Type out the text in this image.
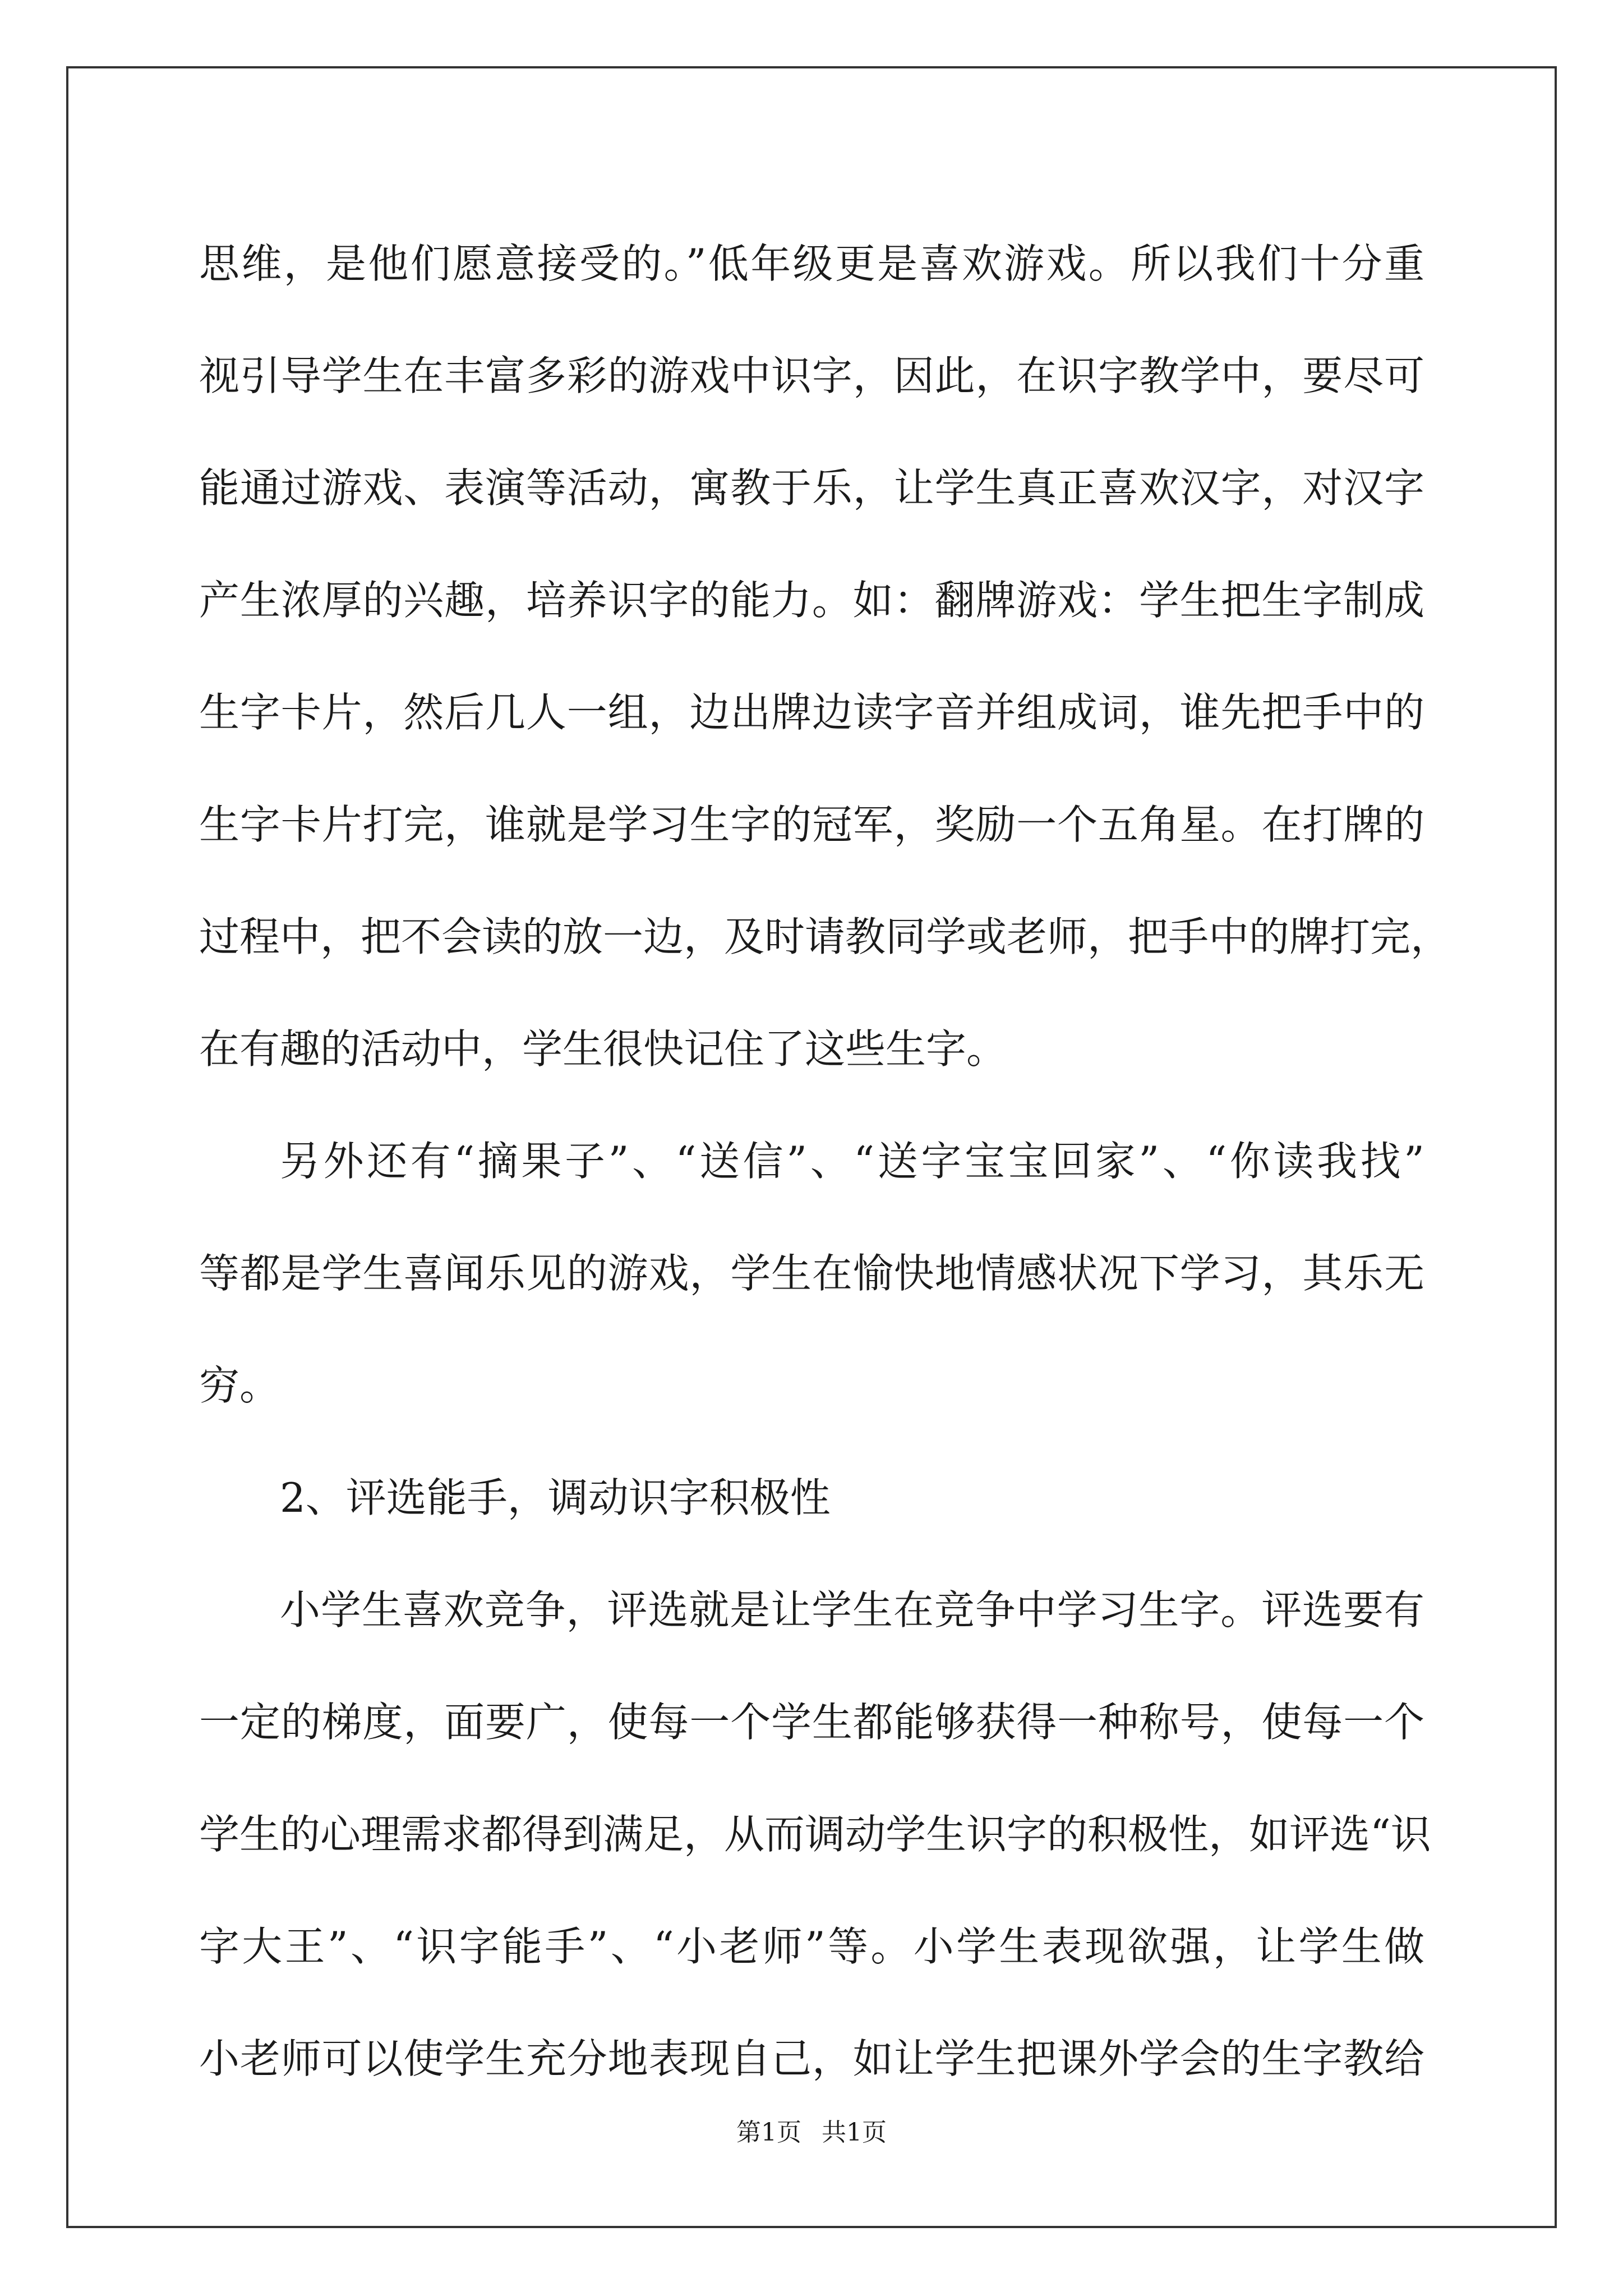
思维，是他们愿意接受的。”低年级更是喜欢游戏。所以我们十分重
视引导学生在丰富多彩的游戏中识字，因此，在识字教学中，要尽可
能通过游戏、表演等活动，寓教于乐，让学生真正喜欢汉字，对汉字
产生浓厚的兴趣，培养识字的能力。如：翻牌游戏：学生把生字制成
生字卡片，然后几人一组，边出牌边读字音并组成词，谁先把手中的
生字卡片打完，谁就是学习生字的冠军，奖励一个五角星。在打牌的
过程中，把不会读的放一边，及时请教同学或老师，把手中的牌打完，
在有趣的活动中，学生很快记住了这些生字。
另外还有“摘果子”、“送信”、“送字宝宝回家”、“你读我找”
等都是学生喜闻乐见的游戏，学生在愉快地情感状况下学习，其乐无
穷。
2、评选能手，调动识字积极性
小学生喜欢竞争，评选就是让学生在竞争中学习生字。评选要有
一定的梯度，面要广，使每一个学生都能够获得一种称号，使每一个
学生的心理需求都得到满足，从而调动学生识字的积极性，如评选“识
字大王”、“识字能手”、“小老师”等。小学生表现欲强，让学生做
小老师可以使学生充分地表现自己，如让学生把课外学会的生字教给
第1页 共1页
